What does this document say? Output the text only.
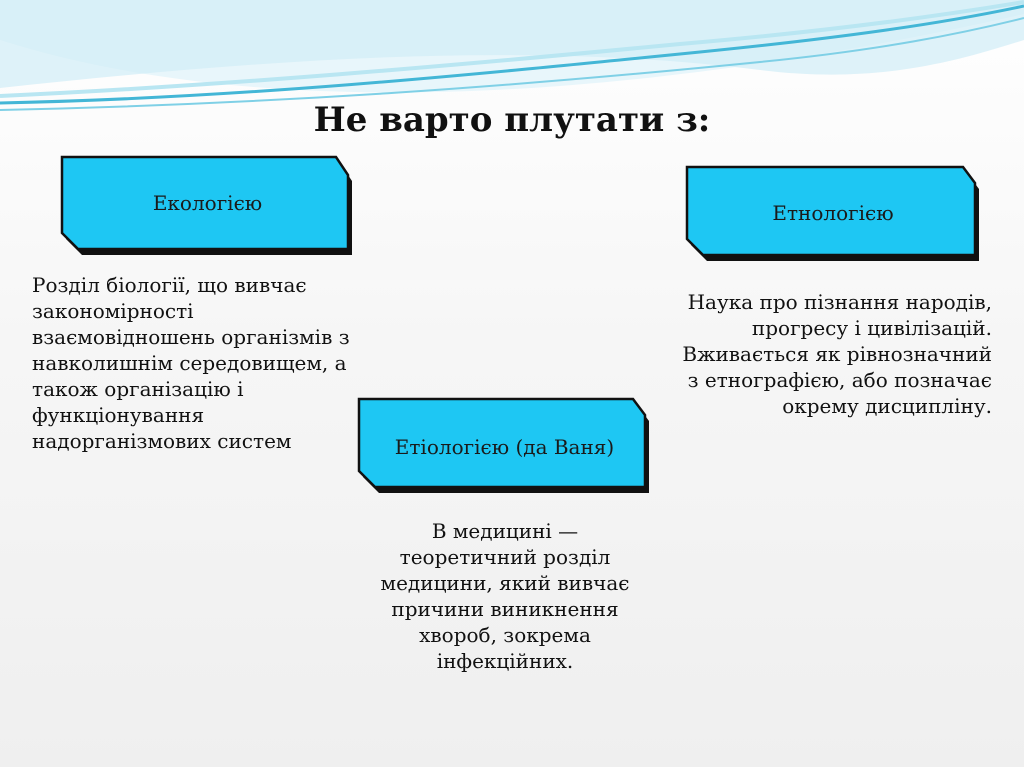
Не варто плутати з:
Екологією
Розділ біології, що вивчає
закономірності
взаємовідношень організмів з
навколишнім середовищем, а
також організацію і
функціонування
надорганізмових систем
Етнологією
Наука про пізнання народів,
прогресу і цивілізацій.
Вживається як рівнозначний
з етнографією, або позначає
окрему дисципліну.
Етіологією (да Ваня)
В медицині —
теоретичний розділ
медицини, який вивчає
причини виникнення
хвороб, зокрема
інфекційних.
